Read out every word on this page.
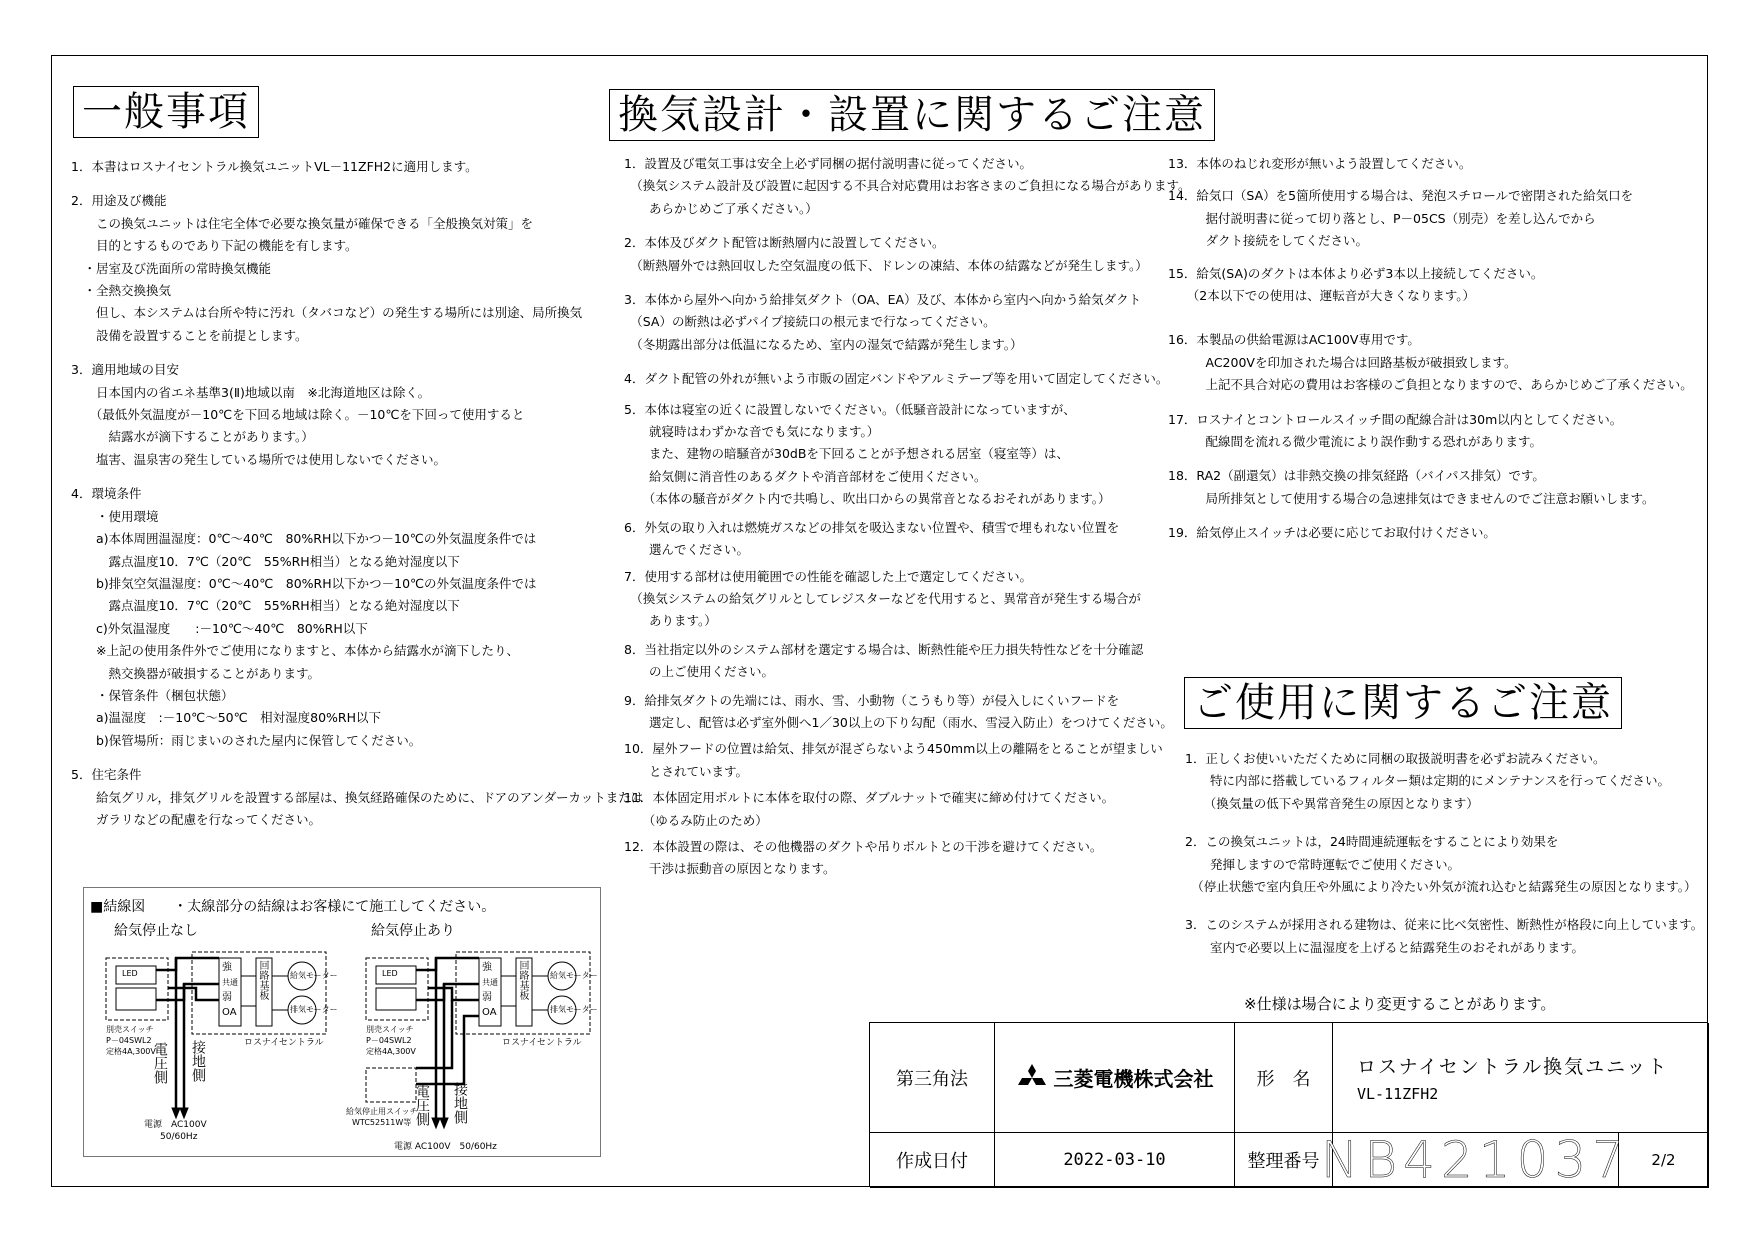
一般事項	換気設計・設置に関するご注意
ご使用に関するご注意
1．本書はロスナイセントラル換気ユニットVL－11ZFH2に適用します。
2．用途及び機能
　　この換気ユニットは住宅全体で必要な換気量が確保できる「全般換気対策」を
　　目的とするものであり下記の機能を有します。
　・居室及び洗面所の常時換気機能
　・全熱交換換気
　　但し、本システムは台所や特に汚れ（タバコなど）の発生する場所には別途、局所換気
　　設備を設置することを前提とします。
3．適用地域の目安
　　日本国内の省エネ基準3(Ⅱ)地域以南　※北海道地区は除く。
　　（最低外気温度が－10℃を下回る地域は除く。－10℃を下回って使用すると
　　　結露水が滴下することがあります。）
　　塩害、温泉害の発生している場所では使用しないでください。
4．環境条件
　　・使用環境
　　a)本体周囲温湿度：0℃～40℃　80%RH以下かつ－10℃の外気温度条件では
　　　露点温度10．7℃（20℃　55%RH相当）となる絶対湿度以下
　　b)排気空気温湿度：0℃～40℃　80%RH以下かつ－10℃の外気温度条件では
　　　露点温度10．7℃（20℃　55%RH相当）となる絶対湿度以下
　　c)外気温湿度　　:－10℃～40℃　80%RH以下
　　※上記の使用条件外でご使用になりますと、本体から結露水が滴下したり、
　　　熱交換器が破損することがあります。
　　・保管条件（梱包状態）
　　a)温湿度　:－10℃～50℃　相対湿度80%RH以下
　　b)保管場所：雨じまいのされた屋内に保管してください。
5．住宅条件
　　給気グリル，排気グリルを設置する部屋は、換気経路確保のために、ドアのアンダーカットまたは
　　ガラリなどの配慮を行なってください。
1．設置及び電気工事は安全上必ず同梱の据付説明書に従ってください。
　（換気システム設計及び設置に起因する不具合対応費用はお客さまのご負担になる場合があります。
　　あらかじめご了承ください。）
2．本体及びダクト配管は断熱層内に設置してください。
　（断熱層外では熱回収した空気温度の低下、ドレンの凍結、本体の結露などが発生します。）
3．本体から屋外へ向かう給排気ダクト（OA、EA）及び、本体から室内へ向かう給気ダクト
　（SA）の断熱は必ずパイプ接続口の根元まで行なってください。
　（冬期露出部分は低温になるため、室内の湿気で結露が発生します。）
4．ダクト配管の外れが無いよう市販の固定バンドやアルミテープ等を用いて固定してください。
5．本体は寝室の近くに設置しないでください。（低騒音設計になっていますが、
　　就寝時はわずかな音でも気になります。）
　　また、建物の暗騒音が30dBを下回ることが予想される居室（寝室等）は、
　　給気側に消音性のあるダクトや消音部材をご使用ください。
　　（本体の騒音がダクト内で共鳴し、吹出口からの異常音となるおそれがあります。）
6．外気の取り入れは燃焼ガスなどの排気を吸込まない位置や、積雪で埋もれない位置を
　　選んでください。
7．使用する部材は使用範囲での性能を確認した上で選定してください。
　（換気システムの給気グリルとしてレジスターなどを代用すると、異常音が発生する場合が
　　あります。）
8．当社指定以外のシステム部材を選定する場合は、断熱性能や圧力損失特性などを十分確認
　　の上ご使用ください。
9．給排気ダクトの先端には、雨水、雪、小動物（こうもり等）が侵入しにくいフードを
　　選定し、配管は必ず室外側へ1／30以上の下り勾配（雨水、雪浸入防止）をつけてください。
10．屋外フードの位置は給気、排気が混ざらないよう450mm以上の離隔をとることが望ましい
　　とされています。
11．本体固定用ボルトに本体を取付の際、ダブルナットで確実に締め付けてください。
　　（ゆるみ防止のため）
12．本体設置の際は、その他機器のダクトや吊りボルトとの干渉を避けてください。
　　干渉は振動音の原因となります。
13．本体のねじれ変形が無いよう設置してください。
14．給気口（SA）を5箇所使用する場合は、発泡スチロールで密閉された給気口を
　　　据付説明書に従って切り落とし、P－05CS（別売）を差し込んでから
　　　ダクト接続をしてください。
15．給気(SA)のダクトは本体より必ず3本以上接続してください。
　　（2本以下での使用は、運転音が大きくなります。）
16．本製品の供給電源はAC100V専用です。
　　　AC200Vを印加された場合は回路基板が破損致します。
　　　上記不具合対応の費用はお客様のご負担となりますので、あらかじめご了承ください。
17．ロスナイとコントロールスイッチ間の配線合計は30m以内としてください。
　　　配線間を流れる微少電流により誤作動する恐れがあります。
18．RA2（副還気）は非熱交換の排気経路（バイパス排気）です。
　　　局所排気として使用する場合の急速排気はできませんのでご注意お願いします。
19．給気停止スイッチは必要に応じてお取付けください。
1．正しくお使いいただくために同梱の取扱説明書を必ずお読みください。
　　特に内部に搭載しているフィルター類は定期的にメンテナンスを行ってください。
　　（換気量の低下や異常音発生の原因となります）
2．この換気ユニットは，24時間連続運転をすることにより効果を
　　発揮しますので常時運転でご使用ください。
　（停止状態で室内負圧や外風により冷たい外気が流れ込むと結露発生の原因となります。）
3．このシステムが採用される建物は、従来に比べ気密性、断熱性が格段に向上しています。
　　室内で必要以上に温湿度を上げると結露発生のおそれがあります。
※仕様は場合により変更することがあります。
■結線図　　・太線部分の結線はお客様にて施工してください。
給気停止なし	給気停止あり
LED
強
共通
弱
OA
回路基板	給気モーター
排気モーター
別売スイッチ
P－04SWL2
定格4A,300V
ロスナイセントラル
電圧側 接地側
電源　AC100V
50/60Hz
LED
強
共通
弱
OA
回路基板	給気モーター
排気モーター
別売スイッチ
P－04SWL2
定格4A,300V
給気停止用スイッチ
WTC52511W等
ロスナイセントラル
電圧側 接地側
電源 AC100V　50/60Hz
第三角法	三菱電機株式会社	形　名
ロスナイセントラル換気ユニット
VL-11ZFH2
作成日付	2022-03-10	整理番号 NB421037	2/2
